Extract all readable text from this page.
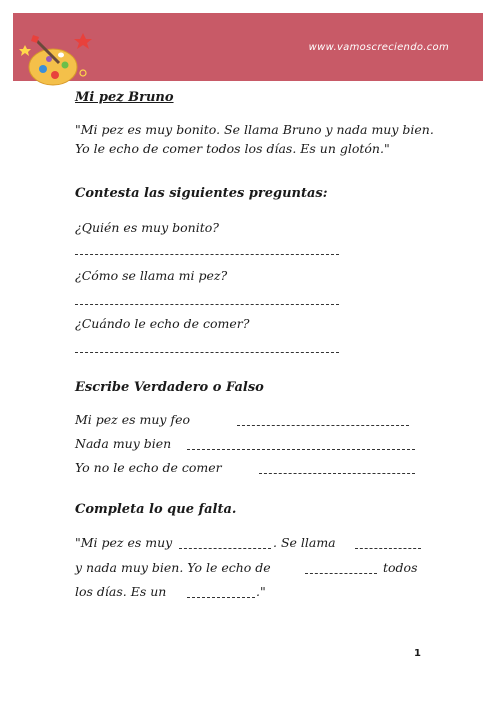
www.vamoscreciendo.com
Mi pez Bruno
"Mi pez es muy bonito. Se llama Bruno y nada muy bien. Yo le echo de comer todos los días. Es un glotón."
Contesta las siguientes preguntas:
¿Quién es muy bonito?
¿Cómo se llama mi pez?
¿Cuándo le echo de comer?
Escribe Verdadero o Falso
Mi pez es muy feo
Nada muy bien
Yo no le echo de comer
Completa lo que falta.
"Mi pez es muy	. Se llama
y nada muy bien. Yo le echo de	todos
los días. Es un	."
1
